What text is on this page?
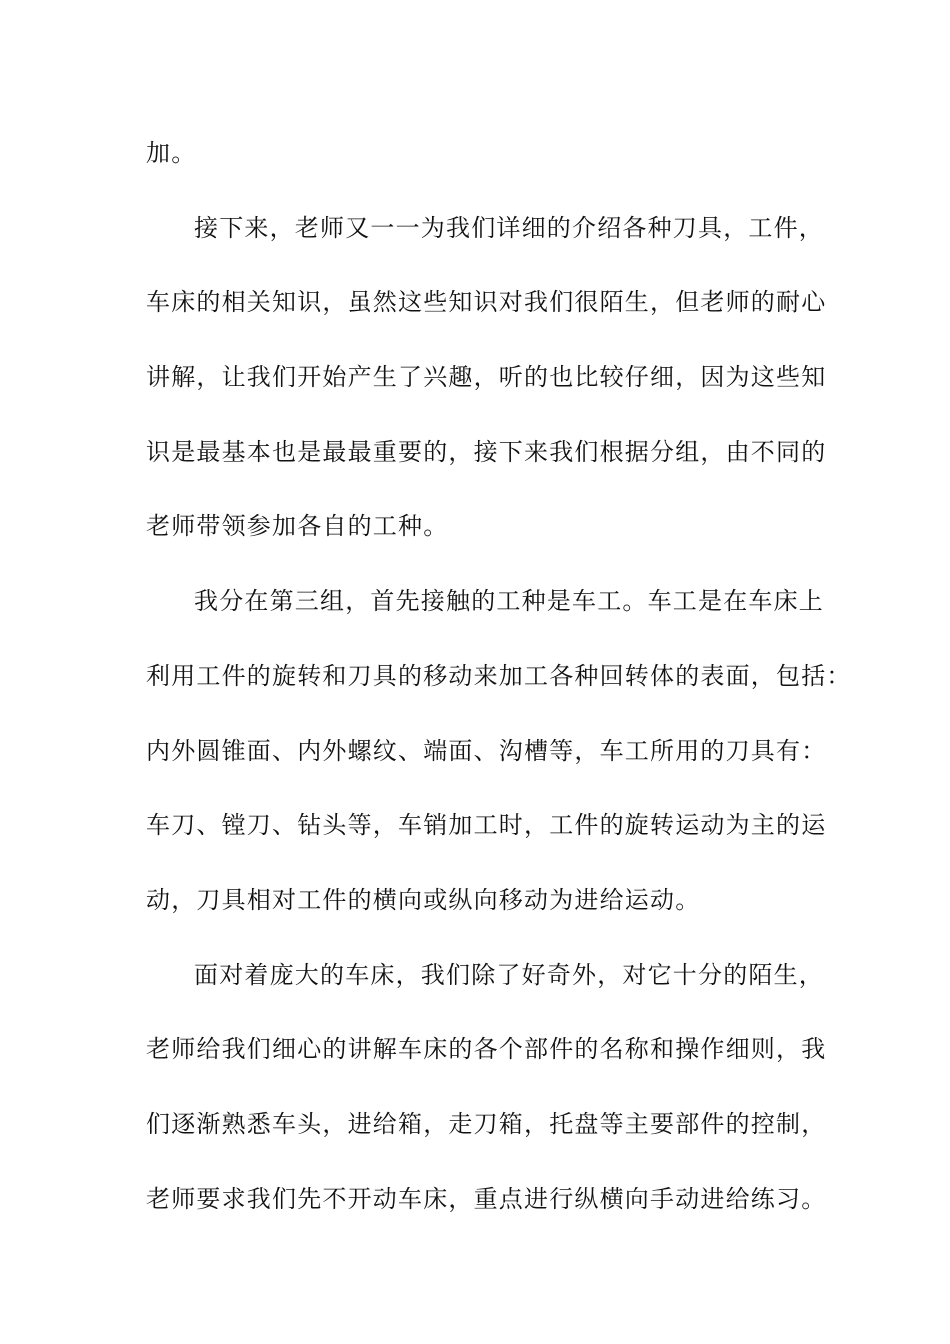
加。
接下来，老师又一一为我们详细的介绍各种刀具，工件，
车床的相关知识，虽然这些知识对我们很陌生，但老师的耐心
讲解，让我们开始产生了兴趣，听的也比较仔细，因为这些知
识是最基本也是最最重要的，接下来我们根据分组，由不同的
老师带领参加各自的工种。
我分在第三组，首先接触的工种是车工。车工是在车床上
利用工件的旋转和刀具的移动来加工各种回转体的表面，包括：
内外圆锥面、内外螺纹、端面、沟槽等，车工所用的刀具有：
车刀、镗刀、钻头等，车销加工时，工件的旋转运动为主的运
动，刀具相对工件的横向或纵向移动为进给运动。
面对着庞大的车床，我们除了好奇外，对它十分的陌生，
老师给我们细心的讲解车床的各个部件的名称和操作细则，我
们逐渐熟悉车头，进给箱，走刀箱，托盘等主要部件的控制，
老师要求我们先不开动车床，重点进行纵横向手动进给练习。
